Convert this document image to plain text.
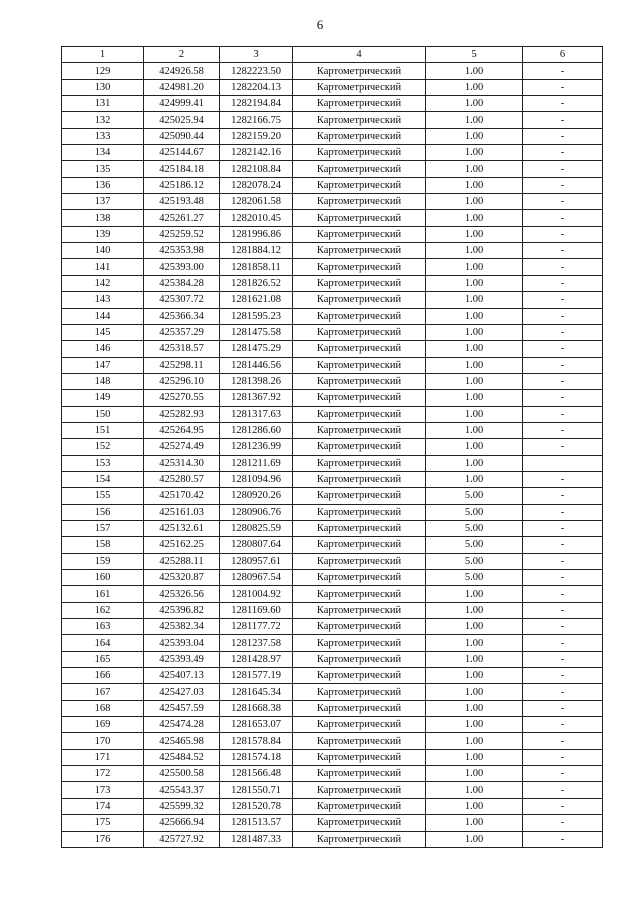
6
1	2	3	4	5	6
129	424926.58	1282223.50	Картометрический	1.00	-
130	424981.20	1282204.13	Картометрический	1.00	-
131	424999.41	1282194.84	Картометрический	1.00	-
132	425025.94	1282166.75	Картометрический	1.00	-
133	425090.44	1282159.20	Картометрический	1.00	-
134	425144.67	1282142.16	Картометрический	1.00	-
135	425184.18	1282108.84	Картометрический	1.00	-
136	425186.12	1282078.24	Картометрический	1.00	-
137	425193.48	1282061.58	Картометрический	1.00	-
138	425261.27	1282010.45	Картометрический	1.00	-
139	425259.52	1281996.86	Картометрический	1.00	-
140	425353.98	1281884.12	Картометрический	1.00	-
141	425393.00	1281858.11	Картометрический	1.00	-
142	425384.28	1281826.52	Картометрический	1.00	-
143	425307.72	1281621.08	Картометрический	1.00	-
144	425366.34	1281595.23	Картометрический	1.00	-
145	425357.29	1281475.58	Картометрический	1.00	-
146	425318.57	1281475.29	Картометрический	1.00	-
147	425298.11	1281446.56	Картометрический	1.00	-
148	425296.10	1281398.26	Картометрический	1.00	-
149	425270.55	1281367.92	Картометрический	1.00	-
150	425282.93	1281317.63	Картометрический	1.00	-
151	425264.95	1281286.60	Картометрический	1.00	-
152	425274.49	1281236.99	Картометрический	1.00	-
153	425314.30	1281211.69	Картометрический	1.00	
154	425280.57	1281094.96	Картометрический	1.00	-
155	425170.42	1280920.26	Картометрический	5.00	-
156	425161.03	1280906.76	Картометрический	5.00	-
157	425132.61	1280825.59	Картометрический	5.00	-
158	425162.25	1280807.64	Картометрический	5.00	-
159	425288.11	1280957.61	Картометрический	5.00	-
160	425320.87	1280967.54	Картометрический	5.00	-
161	425326.56	1281004.92	Картометрический	1.00	-
162	425396.82	1281169.60	Картометрический	1.00	-
163	425382.34	1281177.72	Картометрический	1.00	-
164	425393.04	1281237.58	Картометрический	1.00	-
165	425393.49	1281428.97	Картометрический	1.00	-
166	425407.13	1281577.19	Картометрический	1.00	-
167	425427.03	1281645.34	Картометрический	1.00	-
168	425457.59	1281668.38	Картометрический	1.00	-
169	425474.28	1281653.07	Картометрический	1.00	-
170	425465.98	1281578.84	Картометрический	1.00	-
171	425484.52	1281574.18	Картометрический	1.00	-
172	425500.58	1281566.48	Картометрический	1.00	-
173	425543.37	1281550.71	Картометрический	1.00	-
174	425599.32	1281520.78	Картометрический	1.00	-
175	425666.94	1281513.57	Картометрический	1.00	-
176	425727.92	1281487.33	Картометрический	1.00	-
